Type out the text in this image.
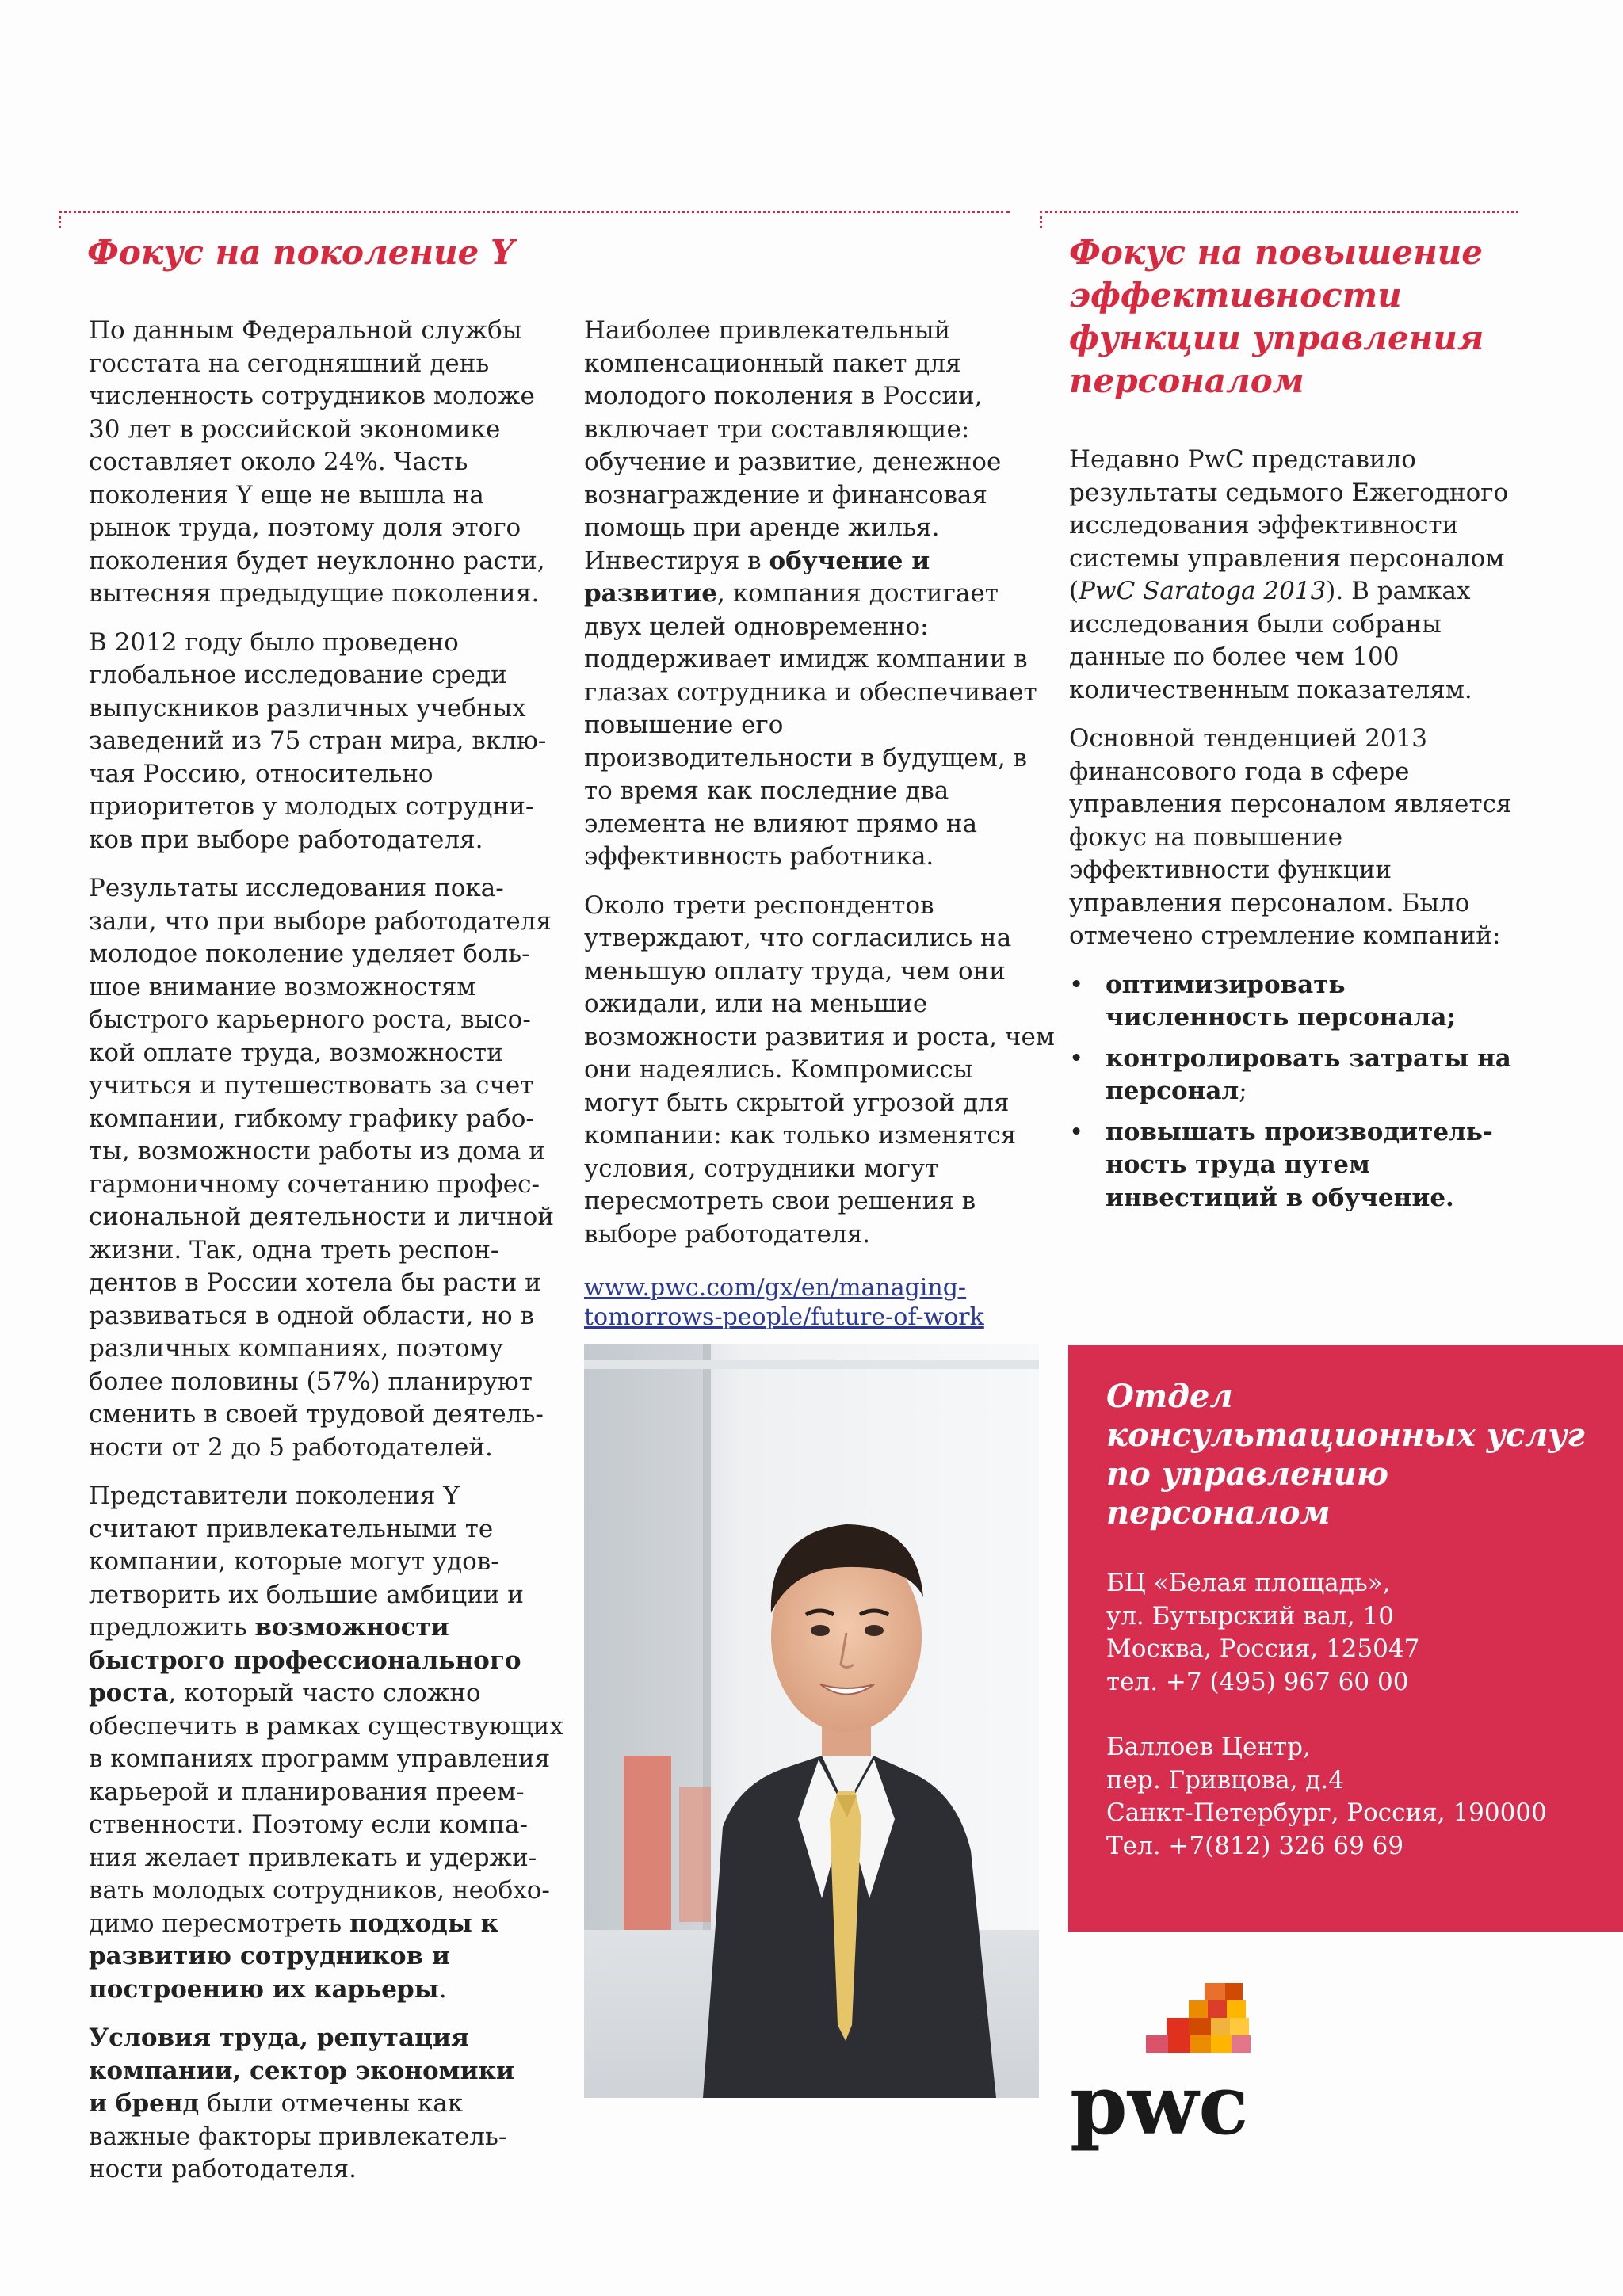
Фокус на поколение Y	Фокус на повышение эффективности функции управления персоналом

По данным Федеральной службы
госстата на сегодняшний день
численность сотрудников моложе
30 лет в российской экономике
составляет около 24%. Часть
поколения Y еще не вышла на
рынок труда, поэтому доля этого
поколения будет неуклонно расти,
вытесняя предыдущие поколения.

В 2012 году было проведено
глобальное исследование среди
выпускников различных учебных
заведений из 75 стран мира, вклю-
чая Россию, относительно
приоритетов у молодых сотрудни-
ков при выборе работодателя.

Результаты исследования пока-
зали, что при выборе работодателя
молодое поколение уделяет боль-
шое внимание возможностям
быстрого карьерного роста, высо-
кой оплате труда, возможности
учиться и путешествовать за счет
компании, гибкому графику рабо-
ты, возможности работы из дома и
гармоничному сочетанию профес-
сиональной деятельности и личной
жизни. Так, одна треть респон-
дентов в России хотела бы расти и
развиваться в одной области, но в
различных компаниях, поэтому
более половины (57%) планируют
сменить в своей трудовой деятель-
ности от 2 до 5 работодателей.

Представители поколения Y
считают привлекательными те
компании, которые могут удов-
летворить их большие амбиции и
предложить возможности
быстрого профессионального
роста, который часто сложно
обеспечить в рамках существующих
в компаниях программ управления
карьерой и планирования преем-
ственности. Поэтому если компа-
ния желает привлекать и удержи-
вать молодых сотрудников, необхо-
димо пересмотреть подходы к
развитию сотрудников и
построению их карьеры.

Условия труда, репутация
компании, сектор экономики
и бренд были отмечены как
важные факторы привлекатель-
ности работодателя.

Наиболее привлекательный
компенсационный пакет для
молодого поколения в России,
включает три составляющие:
обучение и развитие, денежное
вознаграждение и финансовая
помощь при аренде жилья.
Инвестируя в обучение и
развитие, компания достигает
двух целей одновременно:
поддерживает имидж компании в
глазах сотрудника и обеспечивает
повышение его
производительности в будущем, в
то время как последние два
элемента не влияют прямо на
эффективность работника.

Около трети респондентов
утверждают, что согласились на
меньшую оплату труда, чем они
ожидали, или на меньшие
возможности развития и роста, чем
они надеялись. Компромиссы
могут быть скрытой угрозой для
компании: как только изменятся
условия, сотрудники могут
пересмотреть свои решения в
выборе работодателя.

www.pwc.com/gx/en/managing-
tomorrows-people/future-of-work

Недавно PwC представило
результаты седьмого Ежегодного
исследования эффективности
системы управления персоналом
(PwC Saratoga 2013). В рамках
исследования были собраны
данные по более чем 100
количественным показателям.

Основной тенденцией 2013
финансового года в сфере
управления персоналом является
фокус на повышение
эффективности функции
управления персоналом. Было
отмечено стремление компаний:

• оптимизировать
численность персонала;
• контролировать затраты на
персонал;
• повышать производитель-
ность труда путем
инвестиций в обучение.
Отдел консультационных услуг по управлению персоналом
БЦ «Белая площадь»,
ул. Бутырский вал, 10
Москва, Россия, 125047
тел. +7 (495) 967 60 00
Баллоев Центр,
пер. Гривцова, д.4
Санкт-Петербург, Россия, 190000
Тел. +7(812) 326 69 69
pwc
